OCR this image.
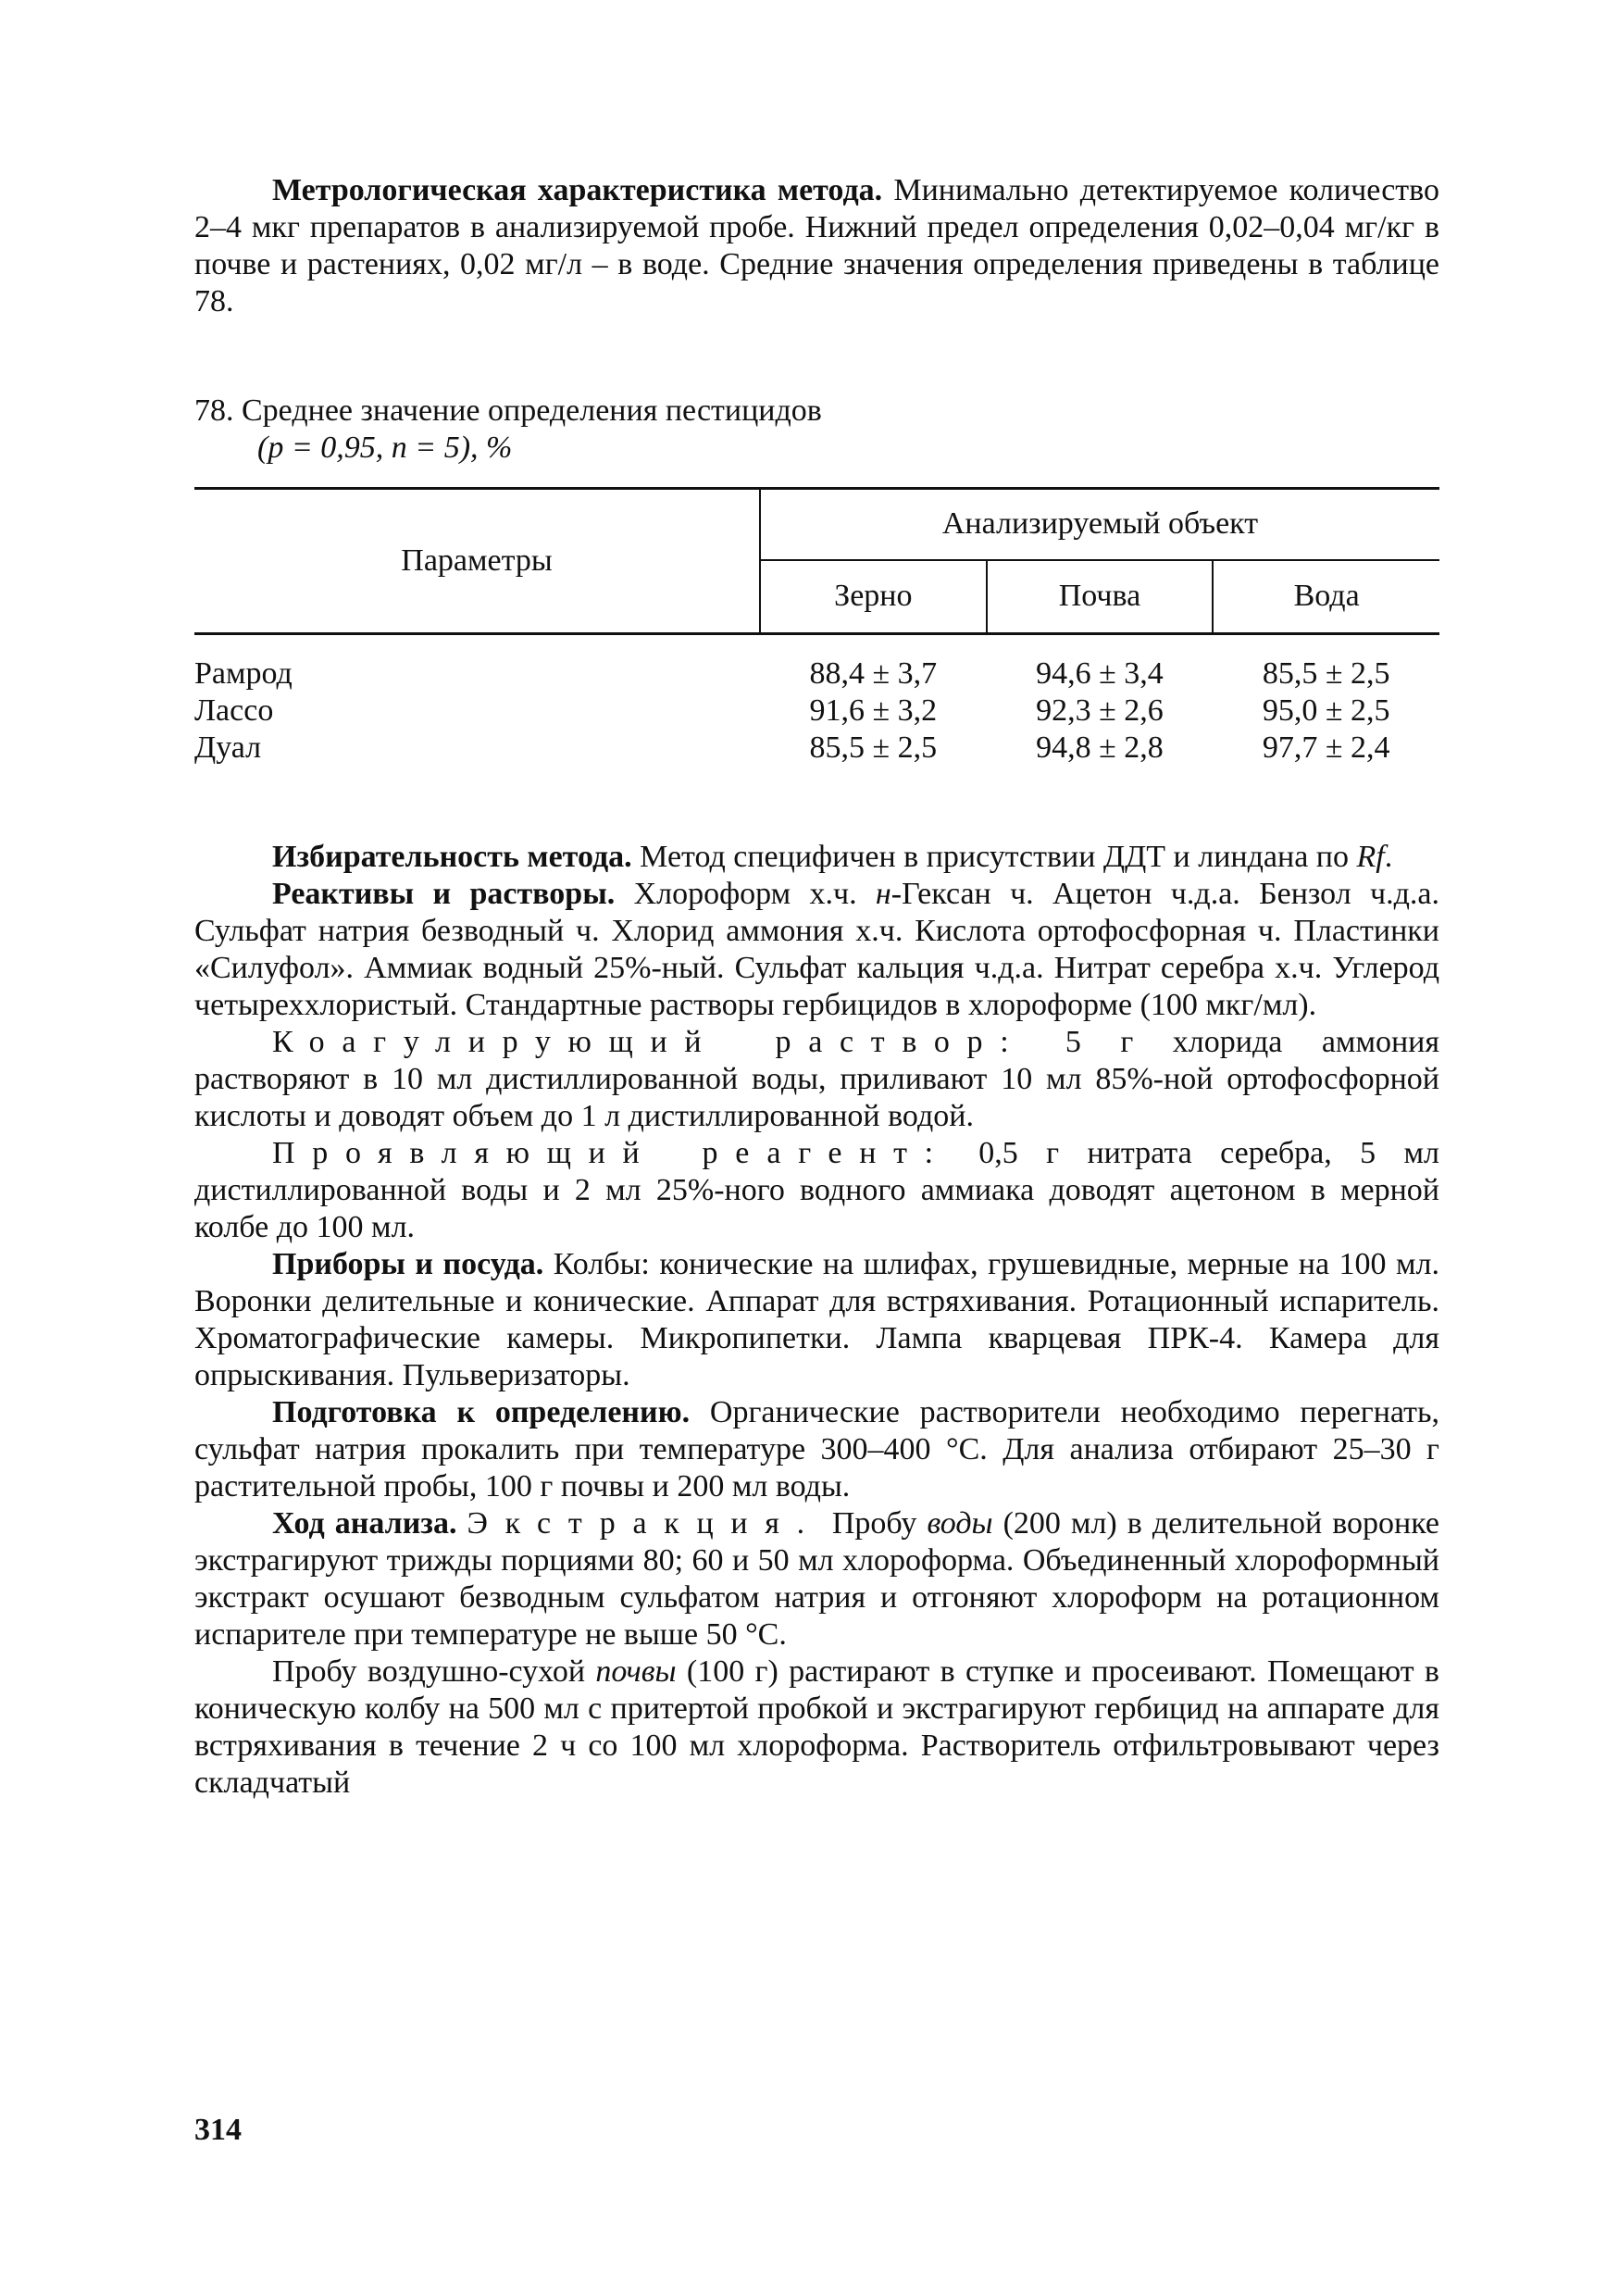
Метрологическая характеристика метода. Минимально детектируемое количество 2–4 мкг препаратов в анализируемой пробе. Нижний предел определения 0,02–0,04 мг/кг в почве и растениях, 0,02 мг/л – в воде. Средние значения определения приведены в таблице 78.

78. Среднее значение определения пестицидов
(p = 0,95, n = 5), %
Параметры	Анализируемый объект		
	Зерно	Почва	Вода
Рамрод	88,4 ± 3,7	94,6 ± 3,4	85,5 ± 2,5
Лассо	91,6 ± 3,2	92,3 ± 2,6	95,0 ± 2,5
Дуал	85,5 ± 2,5	94,8 ± 2,8	97,7 ± 2,4

Избирательность метода. Метод специфичен в присутствии ДДТ и линдана по Rf.

Реактивы и растворы. Хлороформ х.ч. н-Гексан ч. Ацетон ч.д.а. Бензол ч.д.а. Сульфат натрия безводный ч. Хлорид аммония х.ч. Кислота ортофосфорная ч. Пластинки «Силуфол». Аммиак водный 25%-ный. Сульфат кальция ч.д.а. Нитрат серебра х.ч. Углерод четыреххлористый. Стандартные растворы гербицидов в хлороформе (100 мкг/мл).

Коагулирующий раствор: 5 г хлорида аммония растворяют в 10 мл дистиллированной воды, приливают 10 мл 85%-ной ортофосфорной кислоты и доводят объем до 1 л дистиллированной водой.

Проявляющий реагент: 0,5 г нитрата серебра, 5 мл дистиллированной воды и 2 мл 25%-ного водного аммиака доводят ацетоном в мерной колбе до 100 мл.

Приборы и посуда. Колбы: конические на шлифах, грушевидные, мерные на 100 мл. Воронки делительные и конические. Аппарат для встряхивания. Ротационный испаритель. Хроматографические камеры. Микропипетки. Лампа кварцевая ПРК-4. Камера для опрыскивания. Пульверизаторы.

Подготовка к определению. Органические растворители необходимо перегнать, сульфат натрия прокалить при температуре 300–400 °С. Для анализа отбирают 25–30 г растительной пробы, 100 г почвы и 200 мл воды.

Ход анализа. Экстракция. Пробу воды (200 мл) в делительной воронке экстрагируют трижды порциями 80; 60 и 50 мл хлороформа. Объединенный хлороформный экстракт осушают безводным сульфатом натрия и отгоняют хлороформ на ротационном испарителе при температуре не выше 50 °С.

Пробу воздушно-сухой почвы (100 г) растирают в ступке и просеивают. Помещают в коническую колбу на 500 мл с притертой пробкой и экстрагируют гербицид на аппарате для встряхивания в течение 2 ч со 100 мл хлороформа. Растворитель отфильтровывают через складчатый

314
